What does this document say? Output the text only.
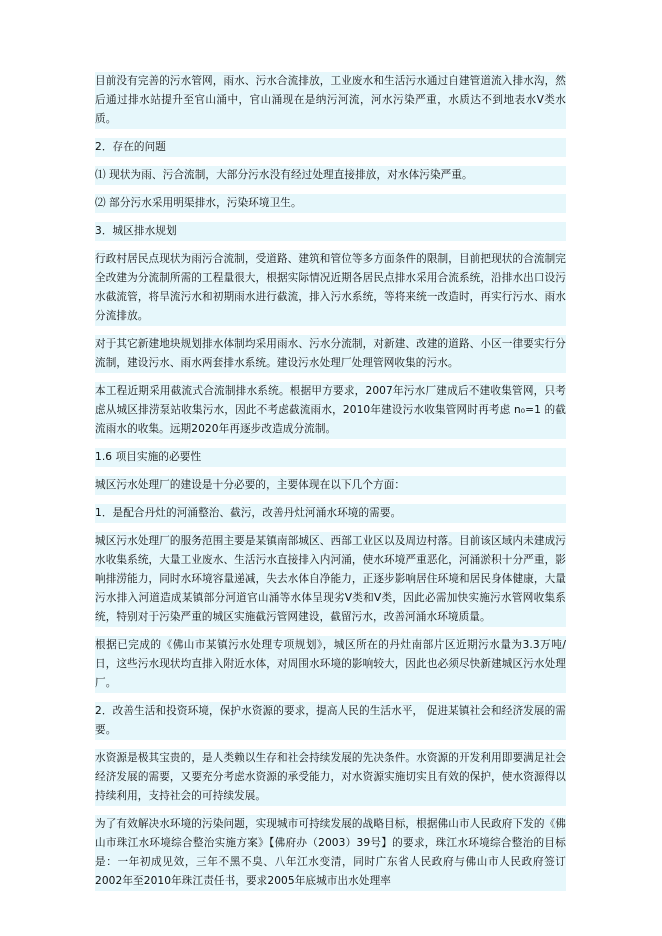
目前没有完善的污水管网，雨水、污水合流排放，工业废水和生活污水通过自建管道流入排水沟，然后通过排水站提升至官山涌中，官山涌现在是纳污河流，河水污染严重，水质达不到地表水Ⅴ类水质。

2．存在的问题

⑴ 现状为雨、污合流制，大部分污水没有经过处理直接排放，对水体污染严重。

⑵ 部分污水采用明渠排水，污染环境卫生。

3．城区排水规划

行政村居民点现状为雨污合流制，受道路、建筑和管位等多方面条件的限制，目前把现状的合流制完全改建为分流制所需的工程量很大，根据实际情况近期各居民点排水采用合流系统，沿排水出口设污水截流管，将旱流污水和初期雨水进行截流，排入污水系统，等将来统一改造时，再实行污水、雨水分流排放。

对于其它新建地块规划排水体制均采用雨水、污水分流制，对新建、改建的道路、小区一律要实行分流制，建设污水、雨水两套排水系统。建设污水处理厂处理管网收集的污水。

本工程近期采用截流式合流制排水系统。根据甲方要求，2007年污水厂建成后不建收集管网，只考虑从城区排涝泵站收集污水，因此不考虑截流雨水，2010年建设污水收集管网时再考虑 n₀=1 的截流雨水的收集。远期2020年再逐步改造成分流制。

1.6 项目实施的必要性

城区污水处理厂的建设是十分必要的，主要体现在以下几个方面：

1．是配合丹灶的河涌整治、截污，改善丹灶河涌水环境的需要。

城区污水处理厂的服务范围主要是某镇南部城区、西部工业区以及周边村落。目前该区域内未建成污水收集系统，大量工业废水、生活污水直接排入内河涌，使水环境严重恶化，河涌淤积十分严重，影响排涝能力，同时水环境容量递减，失去水体自净能力，正逐步影响居住环境和居民身体健康，大量污水排入河道造成某镇部分河道官山涌等水体呈现劣Ⅴ类和Ⅴ类，因此必需加快实施污水管网收集系统，特别对于污染严重的城区实施截污管网建设，截留污水，改善河涌水环境质量。

根据已完成的《佛山市某镇污水处理专项规划》，城区所在的丹灶南部片区近期污水量为3.3万吨/日，这些污水现状均直排入附近水体，对周围水环境的影响较大，因此也必须尽快新建城区污水处理厂。

2．改善生活和投资环境，保护水资源的要求，提高人民的生活水平， 促进某镇社会和经济发展的需要。

水资源是极其宝贵的，是人类赖以生存和社会持续发展的先决条件。水资源的开发利用即要满足社会经济发展的需要，又要充分考虑水资源的承受能力，对水资源实施切实且有效的保护，使水资源得以持续利用，支持社会的可持续发展。

为了有效解决水环境的污染问题，实现城市可持续发展的战略目标，根据佛山市人民政府下发的《佛山市珠江水环境综合整治实施方案》【佛府办（2003）39号】的要求，珠江水环境综合整治的目标是：一年初成见效，三年不黑不臭、八年江水变清，同时广东省人民政府与佛山市人民政府签订2002年至2010年珠江责任书，要求2005年底城市出水处理率
